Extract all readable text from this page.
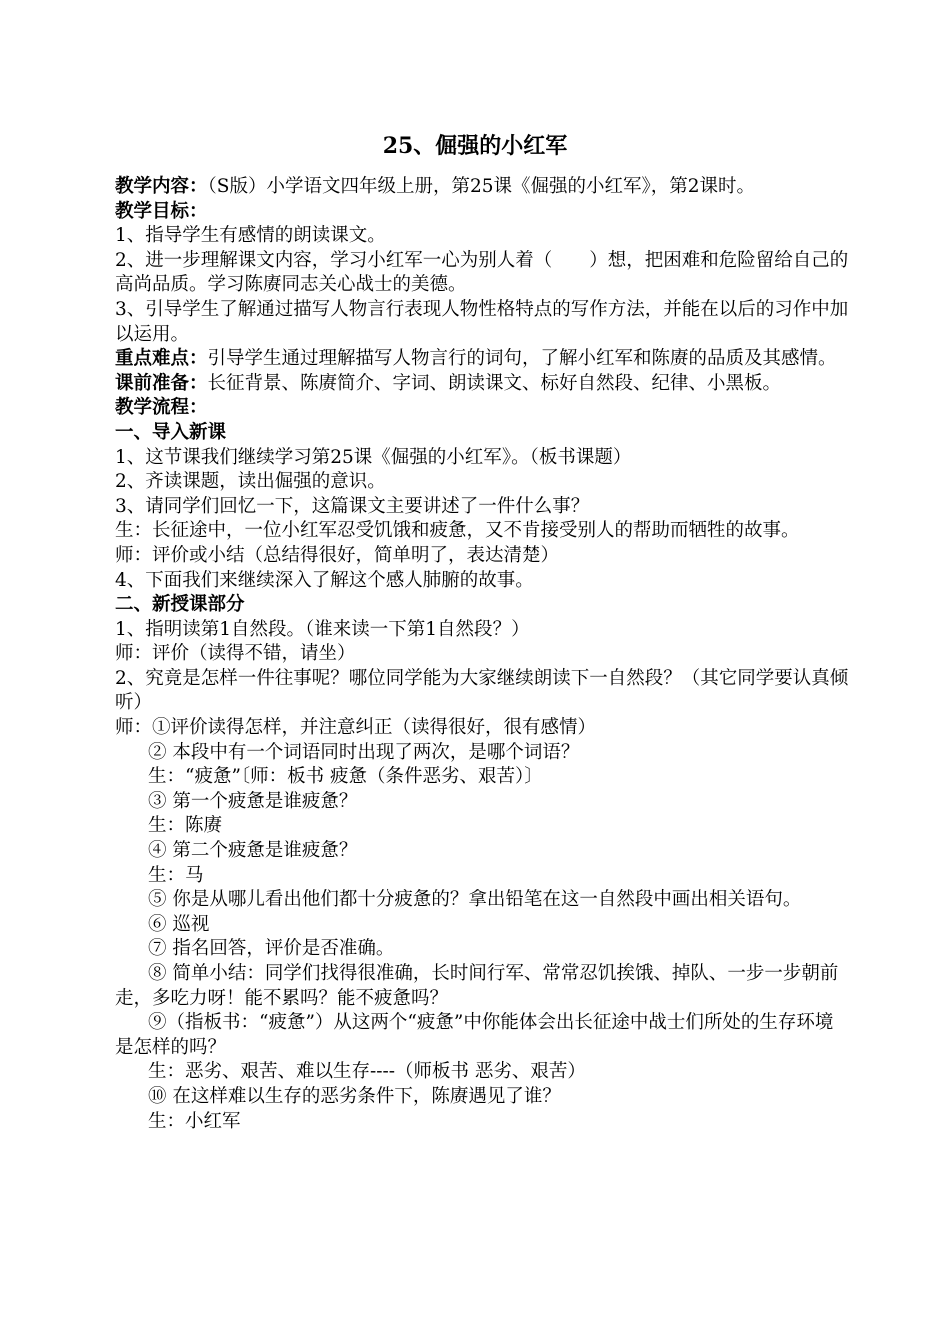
25、倔强的小红军
教学内容：（S版）小学语文四年级上册，第25课《倔强的小红军》，第2课时。
教学目标：
1、指导学生有感情的朗读课文。
2、进一步理解课文内容，学习小红军一心为别人着（　　）想，把困难和危险留给自己的高尚品质。学习陈赓同志关心战士的美德。
3、引导学生了解通过描写人物言行表现人物性格特点的写作方法，并能在以后的习作中加以运用。
重点难点：引导学生通过理解描写人物言行的词句，了解小红军和陈赓的品质及其感情。
课前准备：长征背景、陈赓简介、字词、朗读课文、标好自然段、纪律、小黑板。
教学流程：
一、导入新课
1、这节课我们继续学习第25课《倔强的小红军》。（板书课题）
2、齐读课题，读出倔强的意识。
3、请同学们回忆一下，这篇课文主要讲述了一件什么事？
生：长征途中，一位小红军忍受饥饿和疲惫，又不肯接受别人的帮助而牺牲的故事。
师：评价或小结（总结得很好，简单明了，表达清楚）
4、下面我们来继续深入了解这个感人肺腑的故事。
二、新授课部分
1、指明读第1自然段。（谁来读一下第1自然段？）
师：评价（读得不错，请坐）
2、究竟是怎样一件往事呢？哪位同学能为大家继续朗读下一自然段？（其它同学要认真倾听）
师：①评价读得怎样，并注意纠正（读得很好，很有感情）
② 本段中有一个词语同时出现了两次，是哪个词语？
生：“疲惫”〔师：板书 疲惫（条件恶劣、艰苦）〕
③ 第一个疲惫是谁疲惫？
生：陈赓
④ 第二个疲惫是谁疲惫？
生：马
⑤ 你是从哪儿看出他们都十分疲惫的？拿出铅笔在这一自然段中画出相关语句。
⑥ 巡视
⑦ 指名回答，评价是否准确。
⑧ 简单小结：同学们找得很准确，长时间行军、常常忍饥挨饿、掉队、一步一步朝前走，多吃力呀！能不累吗？能不疲惫吗？
⑨（指板书：“疲惫”）从这两个“疲惫”中你能体会出长征途中战士们所处的生存环境是怎样的吗？
生：恶劣、艰苦、难以生存----（师板书 恶劣、艰苦）
⑩ 在这样难以生存的恶劣条件下，陈赓遇见了谁？
生：小红军
